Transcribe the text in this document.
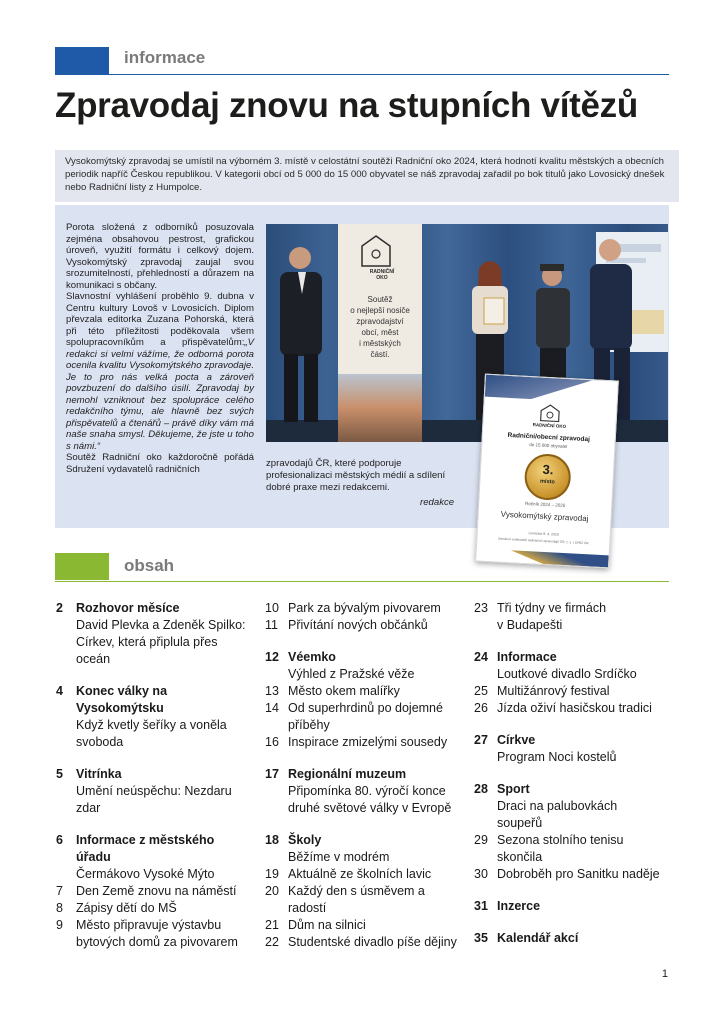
informace
Zpravodaj znovu na stupních vítězů
Vysokomýtský zpravodaj se umístil na výborném 3. místě v celostátní soutěži Radniční oko 2024, která hodnotí kvalitu městských a obecních periodik napříč Českou republikou. V kategorii obcí od 5 000 do 15 000 obyvatel se náš zpravodaj zařadil po bok titulů jako Lovosický dnešek nebo Radniční listy z Humpolce.

Porota složená z odborníků posuzovala zejména obsahovou pestrost, grafickou úroveň, využití formátu i celkový dojem. Vysokomýtský zpravodaj zaujal svou srozumitelností, přehledností a důrazem na komunikaci s občany.

Slavnostní vyhlášení proběhlo 9. dubna v Centru kultury Lovoš v Lovosicích. Diplom převzala editorka Zuzana Pohorská, která při této příležitosti poděkovala všem spolupracovníkům a přispěvatelům:„V redakci si velmi vážíme, že odborná porota ocenila kvalitu Vysokomýtského zpravodaje. Je to pro nás velká pocta a zároveň povzbuzení do dalšího úsilí. Zpravodaj by nemohl vzniknout bez spolupráce celého redakčního týmu, ale hlavně bez svých přispěvatelů a čtenářů – právě díky vám má naše snaha smysl. Děkujeme, že jste u toho s námi.“

Soutěž Radniční oko každoročně pořádá Sdružení vydavatelů radničních

RADNIČNÍ
OKO
Soutěž
o nejlepší nosiče
zpravodajství
obcí, měst
i městských
částí.
zpravodajů ČR, které podporuje profesionalizaci městských médií a sdílení dobré praxe mezi redakcemi.
redakce
RADNIČNÍ OKO
Radniční/obecní zpravodaj
do 15 000 obyvatel
3.
místo
Ročník 2024 – 2025
Vysokomýtský zpravodaj
Lovosice 9. 4. 2025
Sdružení vydavatelů radničních zpravodajů ČR, z. s. | SVRZ ČR
obsah
2	Rozhovor měsíce
David Plevka a Zdeněk Spilko: Církev, která připlula přes oceán
4	Konec války na Vysokomýtsku
Když kvetly šeříky a voněla svoboda
5	Vitrínka
Umění neúspěchu: Nezdaru zdar
6	Informace z městského úřadu
Čermákovo Vysoké Mýto
7	Den Země znovu na náměstí
8	Zápisy dětí do MŠ
9	Město připravuje výstavbu bytových domů za pivovarem
10 Park za bývalým pivovarem
11 Přivítání nových občánků
12 Véemko
Výhled z Pražské věže
13 Město okem malířky
14 Od superhrdinů po dojemné příběhy
16 Inspirace zmizelými sousedy
17 Regionální muzeum
Připomínka 80. výročí konce druhé světové války v Evropě
18 Školy
Běžíme v modrém
19 Aktuálně ze školních lavic
20 Každý den s úsměvem a radostí
21 Dům na silnici
22 Studentské divadlo píše dějiny
23 Tři týdny ve firmách v Budapešti
24 Informace
Loutkové divadlo Srdíčko
25 Multižánrový festival
26 Jízda oživí hasičskou tradici
27 Církve
Program Noci kostelů
28 Sport
Draci na palubovkách soupeřů
29 Sezona stolního tenisu skončila
30 Dobroběh pro Sanitku naděje
31 Inzerce
35 Kalendář akcí
1
